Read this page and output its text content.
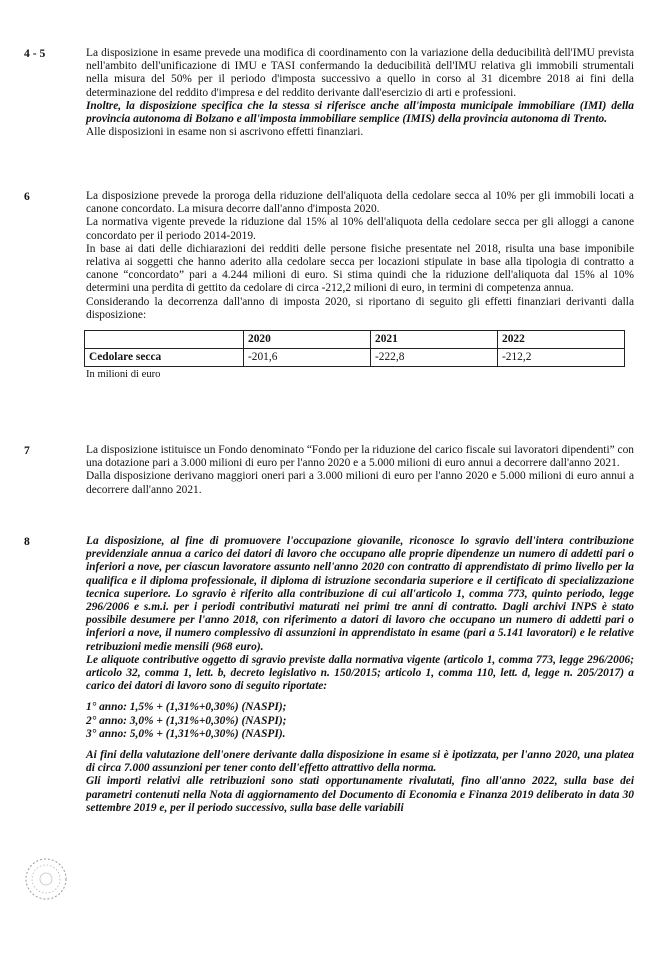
4 - 5	La disposizione in esame prevede una modifica di coordinamento con la variazione della deducibilità dell'IMU prevista nell'ambito dell'unificazione di IMU e TASI confermando la deducibilità dell'IMU relativa gli immobili strumentali nella misura del 50% per il periodo d'imposta successivo a quello in corso al 31 dicembre 2018 ai fini della determinazione del reddito d'impresa e del reddito derivante dall'esercizio di arti e professioni.

Inoltre, la disposizione specifica che la stessa si riferisce anche all'imposta municipale immobiliare (IMI) della provincia autonoma di Bolzano e all'imposta immobiliare semplice (IMIS) della provincia autonoma di Trento.

Alle disposizioni in esame non si ascrivono effetti finanziari.

6	La disposizione prevede la proroga della riduzione dell'aliquota della cedolare secca al 10% per gli immobili locati a canone concordato. La misura decorre dall'anno d'imposta 2020.

La normativa vigente prevede la riduzione dal 15% al 10% dell'aliquota della cedolare secca per gli alloggi a canone concordato per il periodo 2014-2019.

In base ai dati delle dichiarazioni dei redditi delle persone fisiche presentate nel 2018, risulta una base imponibile relativa ai soggetti che hanno aderito alla cedolare secca per locazioni stipulate in base alla tipologia di contratto a canone “concordato” pari a 4.244 milioni di euro. Si stima quindi che la riduzione dell'aliquota dal 15% al 10% determini una perdita di gettito da cedolare di circa -212,2 milioni di euro, in termini di competenza annua.

Considerando la decorrenza dall'anno di imposta 2020, si riportano di seguito gli effetti finanziari derivanti dalla disposizione:

	2020	2021	2022
Cedolare secca	-201,6	-222,8	-212,2
In milioni di euro
7	La disposizione istituisce un Fondo denominato “Fondo per la riduzione del carico fiscale sui lavoratori dipendenti” con una dotazione pari a 3.000 milioni di euro per l'anno 2020 e a 5.000 milioni di euro annui a decorrere dall'anno 2021.

Dalla disposizione derivano maggiori oneri pari a 3.000 milioni di euro per l'anno 2020 e 5.000 milioni di euro annui a decorrere dall'anno 2021.

8	La disposizione, al fine di promuovere l'occupazione giovanile, riconosce lo sgravio dell'intera contribuzione previdenziale annua a carico dei datori di lavoro che occupano alle proprie dipendenze un numero di addetti pari o inferiori a nove, per ciascun lavoratore assunto nell'anno 2020 con contratto di apprendistato di primo livello per la qualifica e il diploma professionale, il diploma di istruzione secondaria superiore e il certificato di specializzazione tecnica superiore. Lo sgravio è riferito alla contribuzione di cui all'articolo 1, comma 773, quinto periodo, legge 296/2006 e s.m.i. per i periodi contributivi maturati nei primi tre anni di contratto. Dagli archivi INPS è stato possibile desumere per l'anno 2018, con riferimento a datori di lavoro che occupano un numero di addetti pari o inferiori a nove, il numero complessivo di assunzioni in apprendistato in esame (pari a 5.141 lavoratori) e le relative retribuzioni medie mensili (968 euro).

Le aliquote contributive oggetto di sgravio previste dalla normativa vigente (articolo 1, comma 773, legge 296/2006; articolo 32, comma 1, lett. b, decreto legislativo n. 150/2015; articolo 1, comma 110, lett. d, legge n. 205/2017) a carico dei datori di lavoro sono di seguito riportate:

1° anno: 1,5% + (1,31%+0,30%) (NASPI);

2° anno: 3,0% + (1,31%+0,30%) (NASPI);

3° anno: 5,0% + (1,31%+0,30%) (NASPI).

Ai fini della valutazione dell'onere derivante dalla disposizione in esame si è ipotizzata, per l'anno 2020, una platea di circa 7.000 assunzioni per tener conto dell'effetto attrattivo della norma.

Gli importi relativi alle retribuzioni sono stati opportunamente rivalutati, fino all'anno 2022, sulla base dei parametri contenuti nella Nota di aggiornamento del Documento di Economia e Finanza 2019 deliberato in data 30 settembre 2019 e, per il periodo successivo, sulla base delle variabili
